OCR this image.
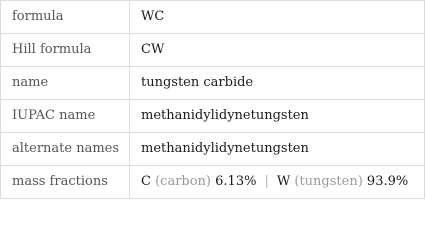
formula	WC
Hill formula	CW
name	tungsten carbide
IUPAC name	methanidylidynetungsten
alternate names	methanidylidynetungsten
mass fractions	C (carbon) 6.13% | W (tungsten) 93.9%
